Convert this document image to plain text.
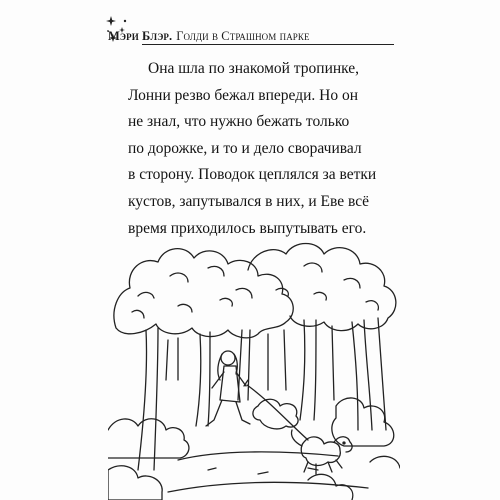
Мэри Блэр. Голди в Страшном парке

Она шла по знакомой тропинке,

Лонни резво бежал впереди. Но он

не знал, что нужно бежать только

по дорожке, и то и дело сворачивал

в сторону. Поводок цеплялся за ветки

кустов, запутывался в них, и Еве всё

время приходилось выпутывать его.
